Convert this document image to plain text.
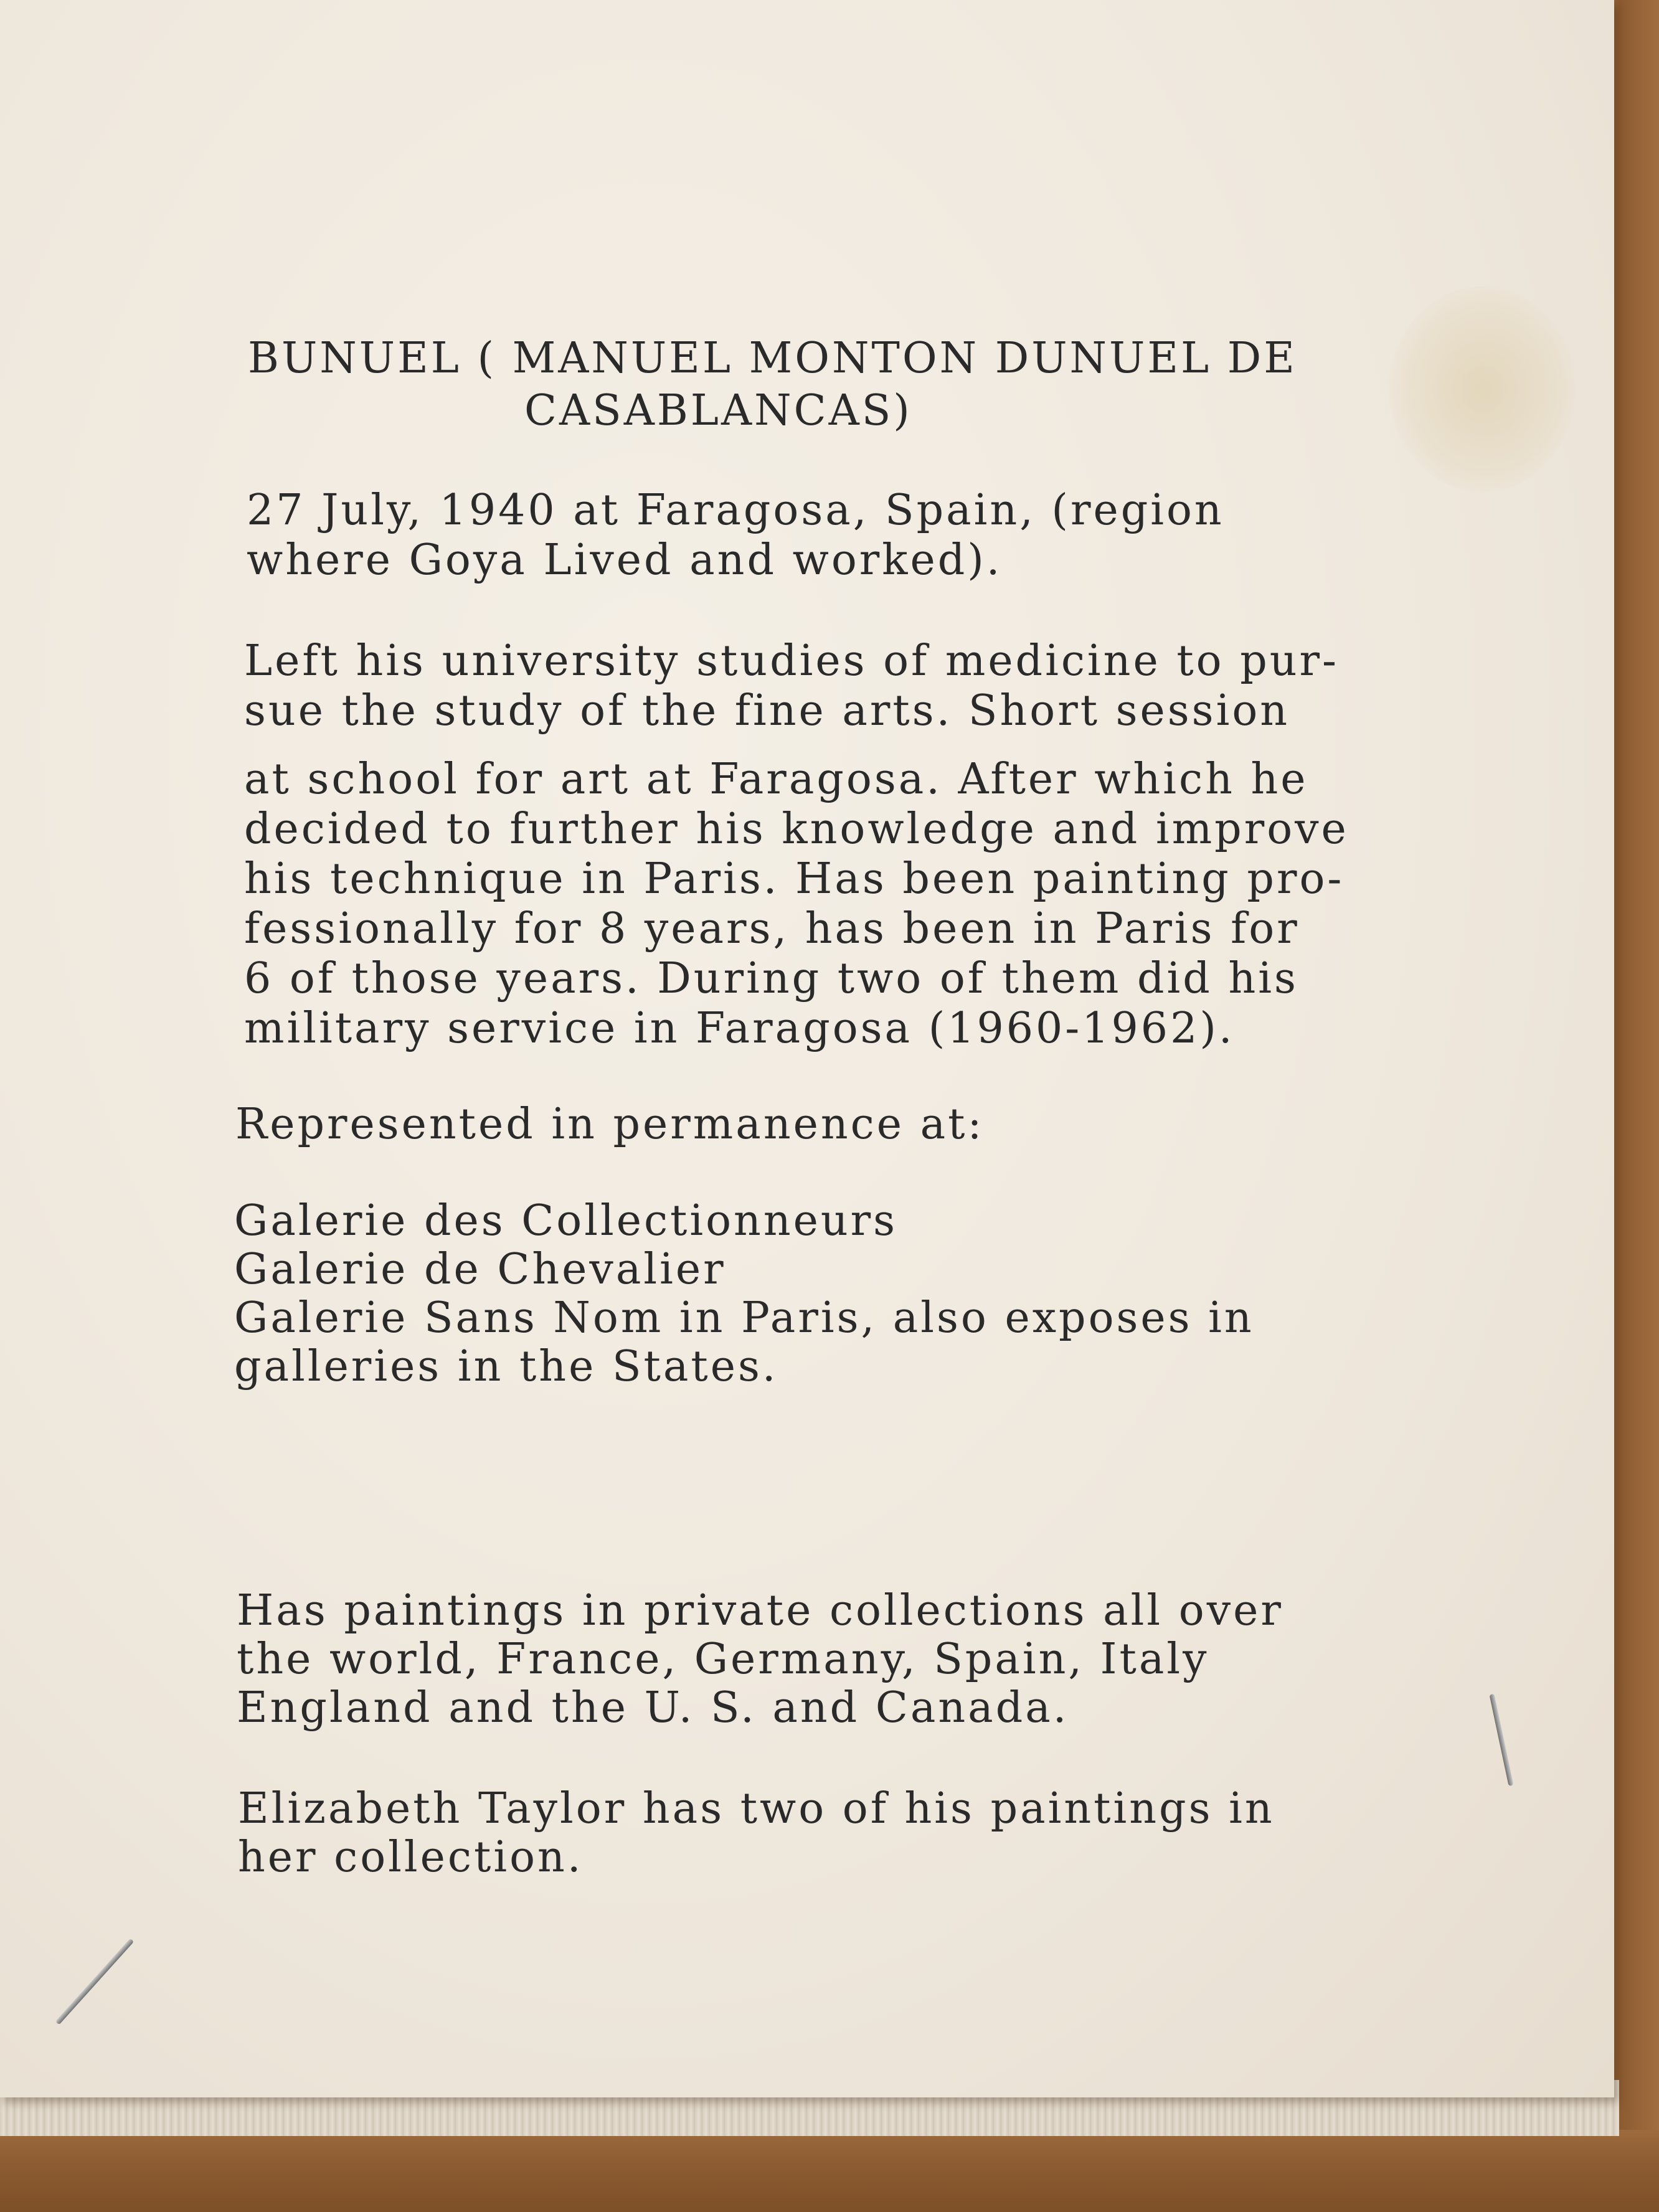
BUNUEL ( MANUEL MONTON DUNUEL DE

CASABLANCAS)

27 July, 1940 at Faragosa, Spain, (region
where Goya Lived and worked).
Left his university studies of medicine to pur-
sue the study of the fine arts. Short session
at school for art at Faragosa. After which he
decided to further his knowledge and improve
his technique in Paris. Has been painting pro-
fessionally for 8 years, has been in Paris for
6 of those years. During two of them did his
military service in Faragosa (1960-1962).

Represented in permanence at:

Galerie des Collectionneurs
Galerie de Chevalier
Galerie Sans Nom in Paris, also exposes in
galleries in the States.
Has paintings in private collections all over
the world, France, Germany, Spain, Italy
England and the U. S. and Canada.
Elizabeth Taylor has two of his paintings in
her collection.
